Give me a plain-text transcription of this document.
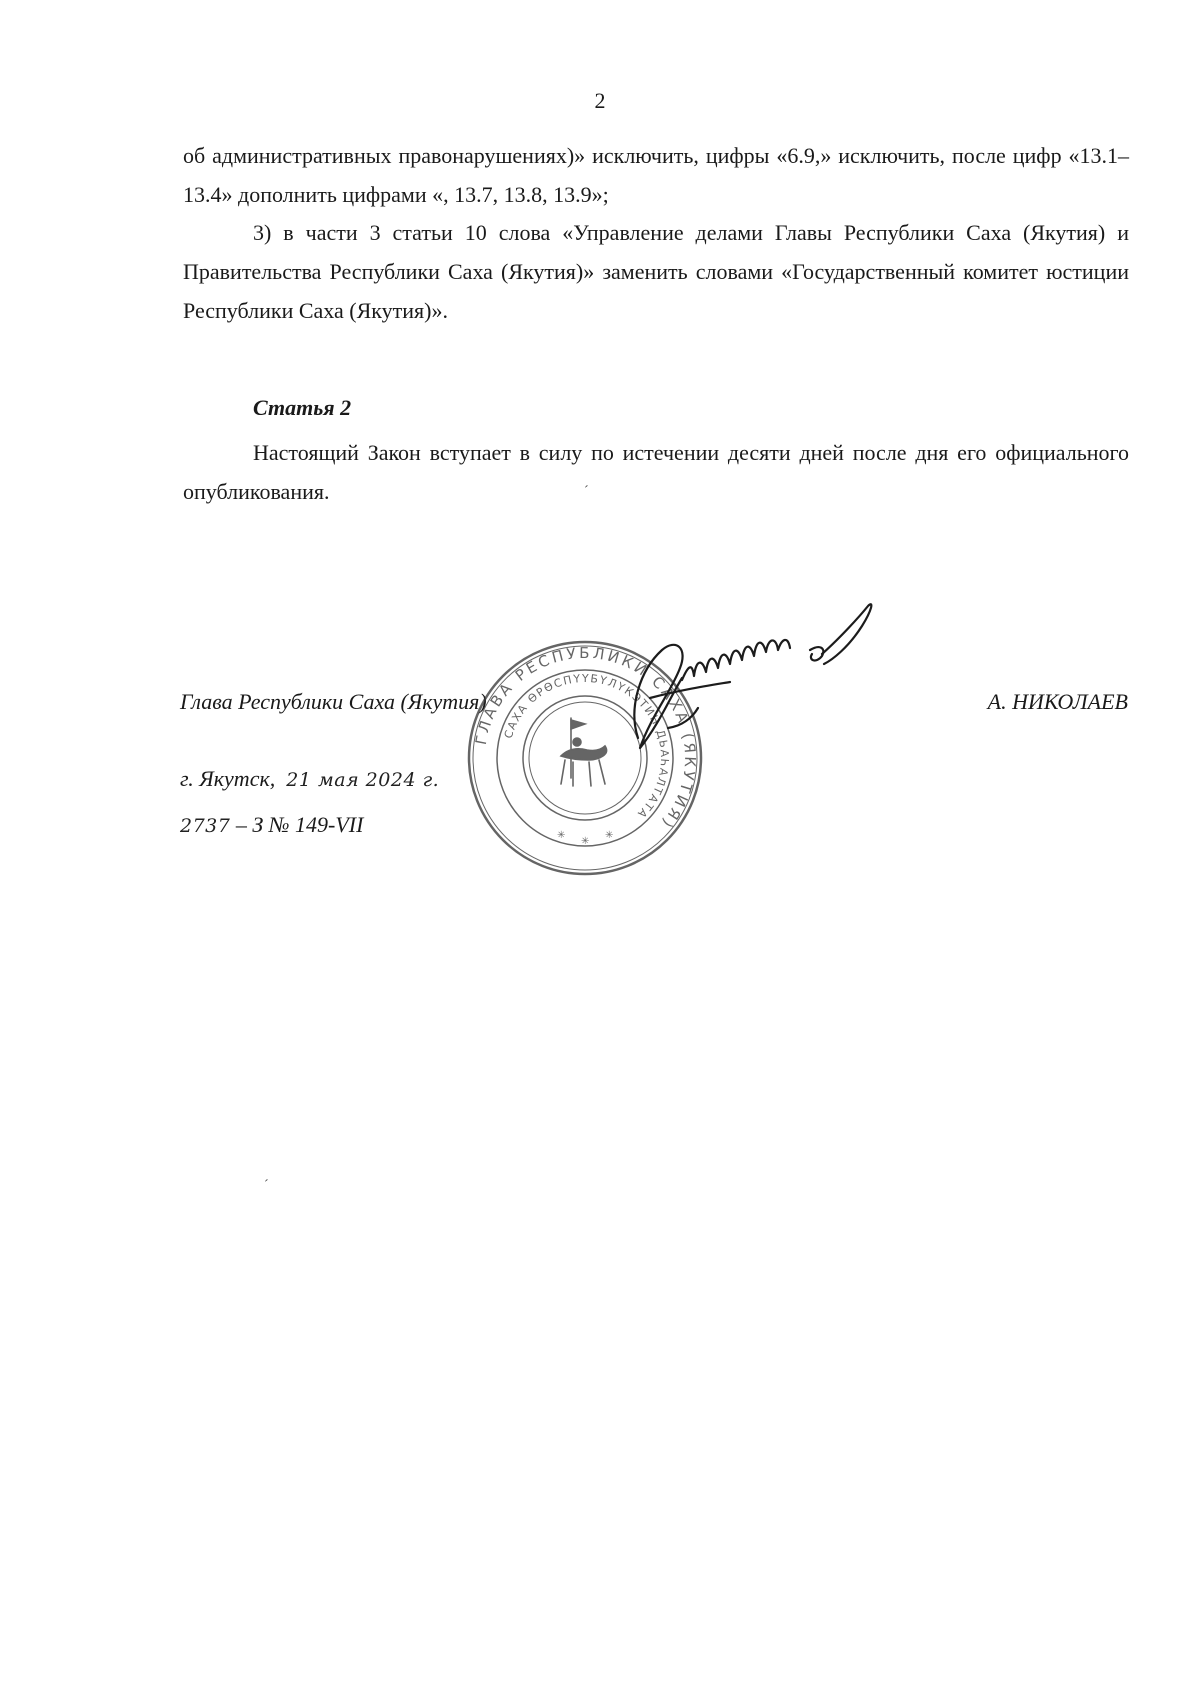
2

об административных правонарушениях)» исключить, цифры «6.9,» исключить, после цифр «13.1–13.4» дополнить цифрами «, 13.7, 13.8, 13.9»;

3) в части 3 статьи 10 слова «Управление делами Главы Республики Саха (Якутия) и Правительства Республики Саха (Якутия)» заменить словами «Государственный комитет юстиции Республики Саха (Якутия)».

Статья 2

Настоящий Закон вступает в силу по истечении десяти дней после дня его официального опубликования.	ˊ
ˊ
Глава Республики Саха (Якутия)	А. НИКОЛАЕВ
г. Якутск, 21 мая 2024 г.
2737 – З № 149-VII
ГЛАВА РЕСПУБЛИКИ САХА (ЯКУТИЯ)
САХА ӨРӨСПҮҮБҮЛҮКЭТИН ДЬАҺАЛТАТА
✳
✳
✳
